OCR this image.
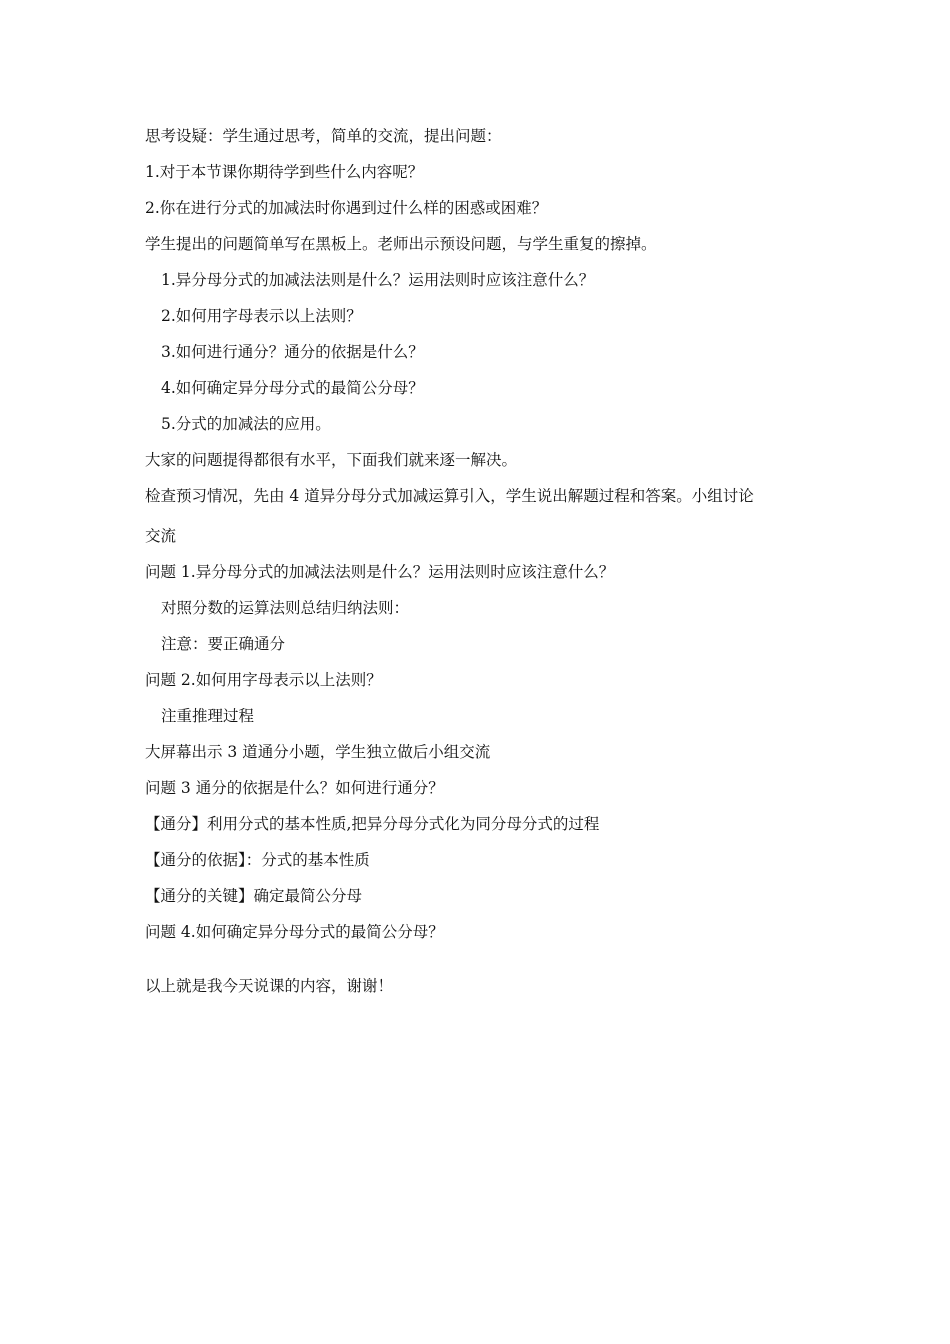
思考设疑：学生通过思考，简单的交流，提出问题：
1.对于本节课你期待学到些什么内容呢？
2.你在进行分式的加减法时你遇到过什么样的困惑或困难？
学生提出的问题简单写在黑板上。老师出示预设问题，与学生重复的擦掉。
1.异分母分式的加减法法则是什么？运用法则时应该注意什么？
2.如何用字母表示以上法则？
3.如何进行通分？通分的依据是什么？
4.如何确定异分母分式的最简公分母？
5.分式的加减法的应用。
大家的问题提得都很有水平，下面我们就来逐一解决。
检查预习情况，先由 4 道异分母分式加减运算引入，学生说出解题过程和答案。小组讨论
交流
问题 1.异分母分式的加减法法则是什么？运用法则时应该注意什么？
对照分数的运算法则总结归纳法则：
注意：要正确通分
问题 2.如何用字母表示以上法则？
注重推理过程
大屏幕出示 3 道通分小题，学生独立做后小组交流
问题 3 通分的依据是什么？如何进行通分？
【通分】利用分式的基本性质,把异分母分式化为同分母分式的过程
【通分的依据】：分式的基本性质
【通分的关键】确定最简公分母
问题 4.如何确定异分母分式的最简公分母？
以上就是我今天说课的内容，谢谢！
